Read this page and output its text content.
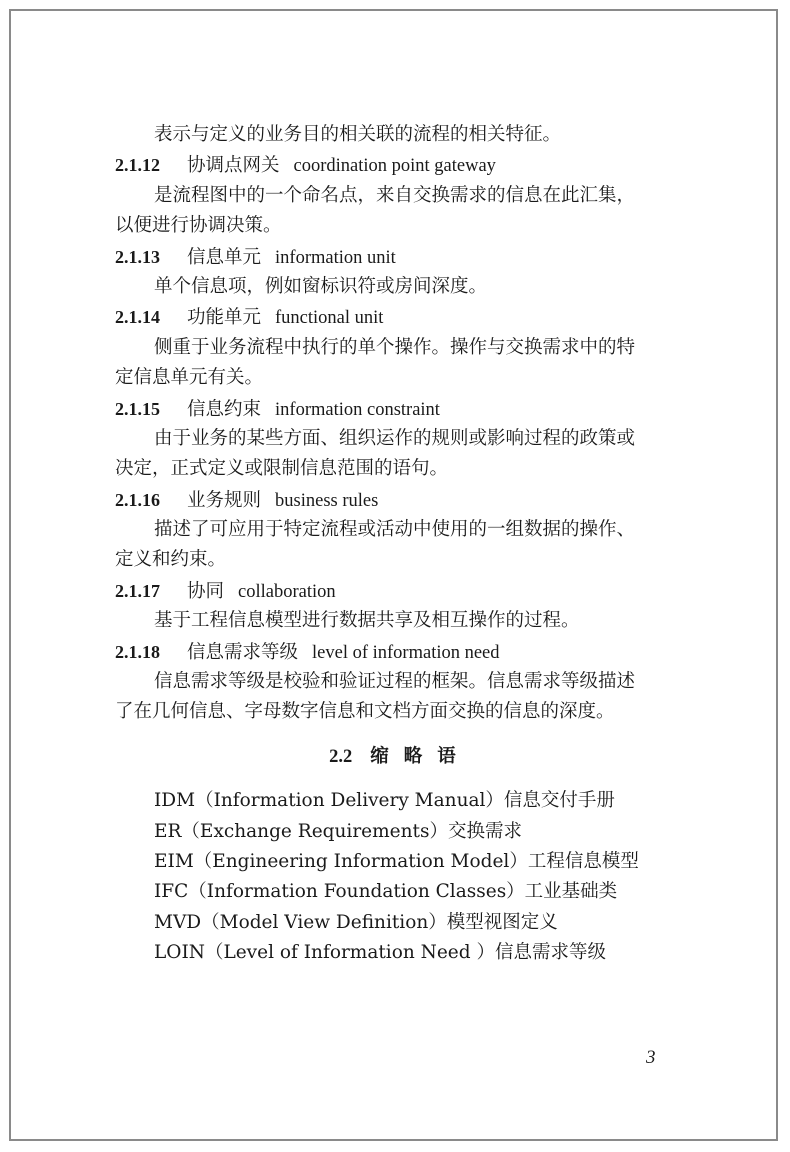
表示与定义的业务目的相关联的流程的相关特征。
2.1.12 协调点网关 coordination point gateway
是流程图中的一个命名点，来自交换需求的信息在此汇集，
以便进行协调决策。
2.1.13 信息单元 information unit
单个信息项，例如窗标识符或房间深度。
2.1.14 功能单元 functional unit
侧重于业务流程中执行的单个操作。操作与交换需求中的特
定信息单元有关。
2.1.15 信息约束 information constraint
由于业务的某些方面、组织运作的规则或影响过程的政策或
决定，正式定义或限制信息范围的语句。
2.1.16 业务规则 business rules
描述了可应用于特定流程或活动中使用的一组数据的操作、
定义和约束。
2.1.17 协同 collaboration
基于工程信息模型进行数据共享及相互操作的过程。
2.1.18 信息需求等级 level of information need
信息需求等级是校验和验证过程的框架。信息需求等级描述
了在几何信息、字母数字信息和文档方面交换的信息的深度。
2.2 缩略语
IDM（Information Delivery Manual）信息交付手册
ER（Exchange Requirements）交换需求
EIM（Engineering Information Model）工程信息模型
IFC（Information Foundation Classes）工业基础类
MVD（Model View Definition）模型视图定义
LOIN（Level of Information Need ）信息需求等级
3
